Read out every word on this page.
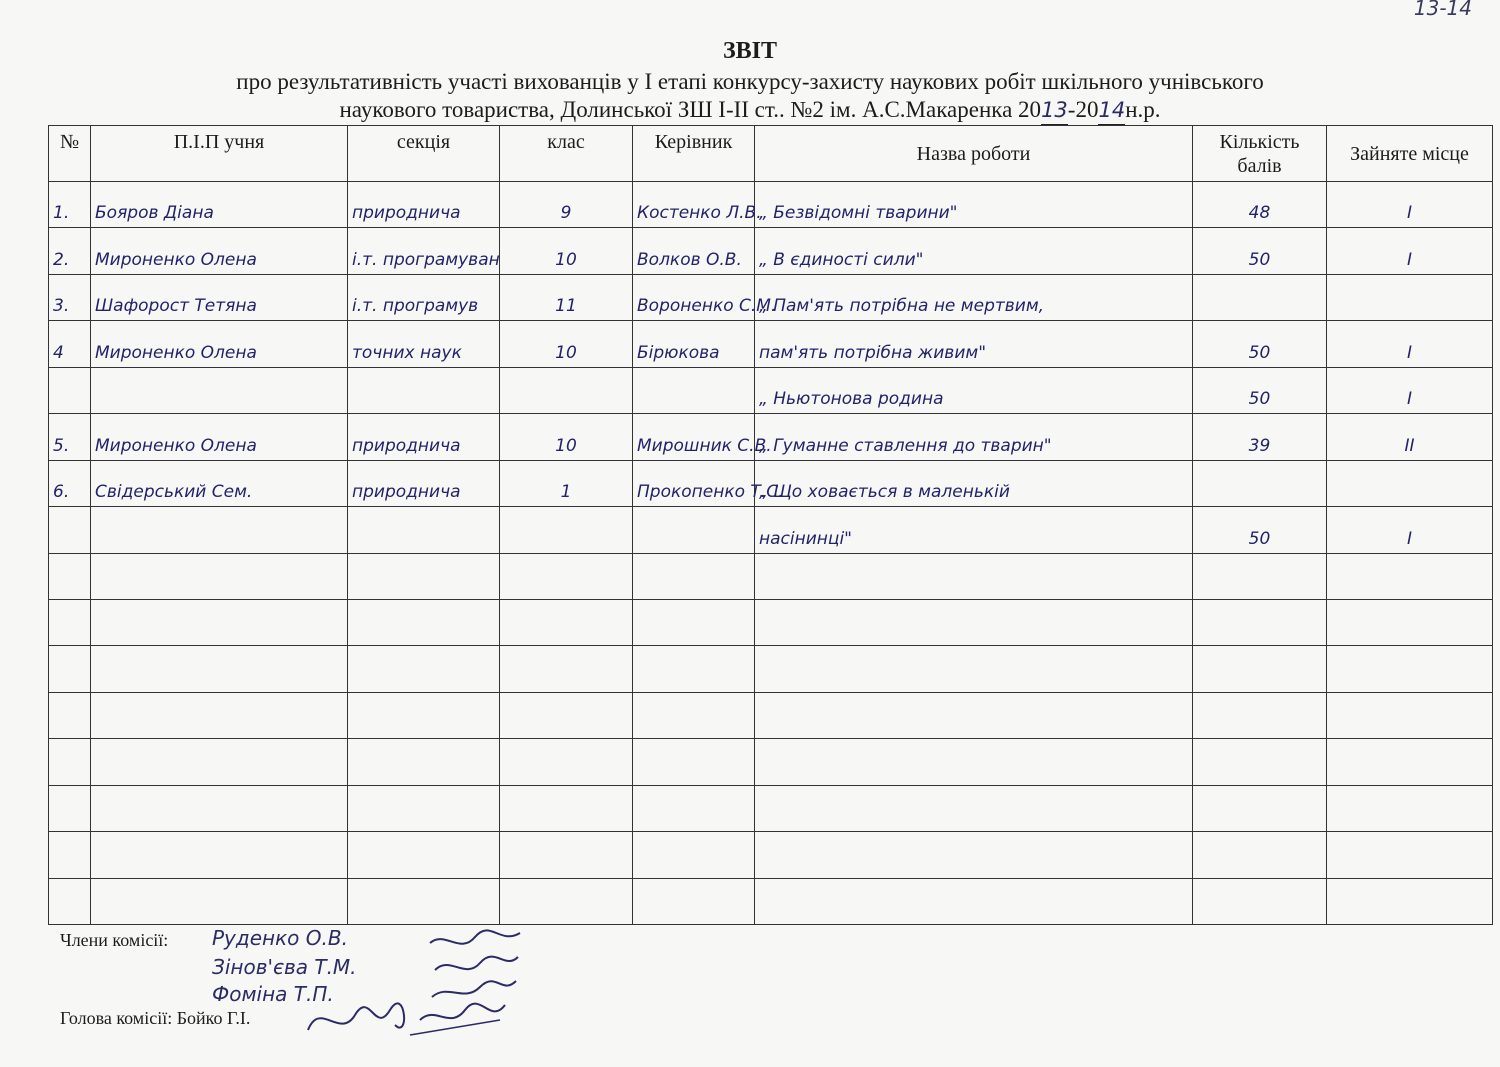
13-14
ЗВІТ
про результативність участі вихованців у І етапі конкурсу-захисту наукових робіт шкільного учнівського
наукового товариства, Долинської ЗШ І-ІІ ст.. №2 ім. А.С.Макаренка 2013-2014н.р.
№	П.І.П учня	секція	клас	Керівник	Назва роботи	Кількість балів	Зайняте місце
1.	Бояров Діана	природнича	9	Костенко Л.В.	„ Безвідомні тварини"	48	I
2.	Мироненко Олена	і.т. програмуван	10	Волков О.В.	„ В єдиності сили"	50	I
3.	Шафорост Тетяна	і.т. програмув	11	Вороненко С.М.	„ Пам'ять потрібна не мертвим,		
4	Мироненко Олена	точних наук	10	Бірюкова	пам'ять потрібна живим"	50	I
					„ Ньютонова родина	50	I
5.	Мироненко Олена	природнича	10	Мирошник С.В.	„ Гуманне ставлення до тварин"	39	II
6.	Свідерський Сем.	природнича	1	Прокопенко Т.С.	„ Що ховається в маленькій		
					насінинці"	50	I

Члени комісії: Руденко О.В.
Зінов'єва Т.М.
Фоміна Т.П.
Голова комісії: Бойко Г.І.
